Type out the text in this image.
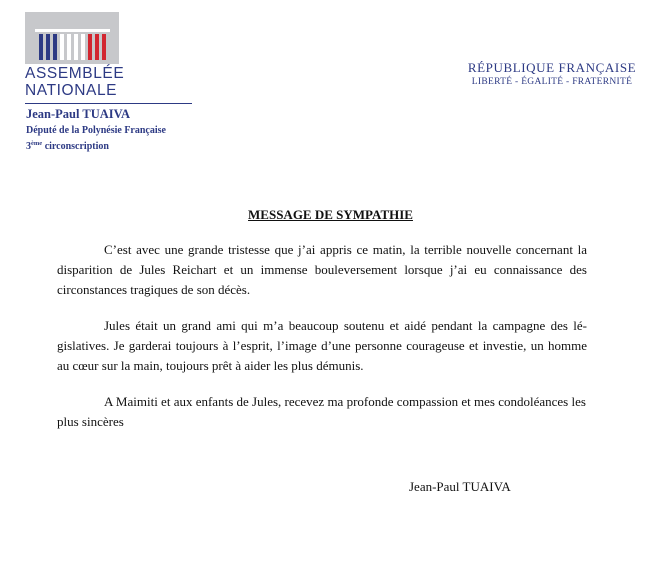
ASSEMBLÉE
NATIONALE
Jean-Paul TUAIVA
Député de la Polynésie Française
3ème circonscription
RÉPUBLIQUE FRANÇAISE
LIBERTÉ - ÉGALITÉ - FRATERNITÉ
MESSAGE DE SYMPATHIE

C’est avec une grande tristesse que j’ai appris ce matin, la terrible nouvelle concernant la disparition de Jules Reichart et un immense bouleversement lorsque j’ai eu connaissance des circonstances tragiques de son décès.

Jules était un grand ami qui m’a beaucoup soutenu et aidé pendant la campagne des législatives. Je garderai toujours à l’esprit, l’image d’une personne courageuse et investie, un homme au cœur sur la main, toujours prêt à aider les plus démunis.

A Maimiti et aux enfants de Jules, recevez ma profonde compassion et mes condoléances les plus sincères

Jean-Paul TUAIVA
